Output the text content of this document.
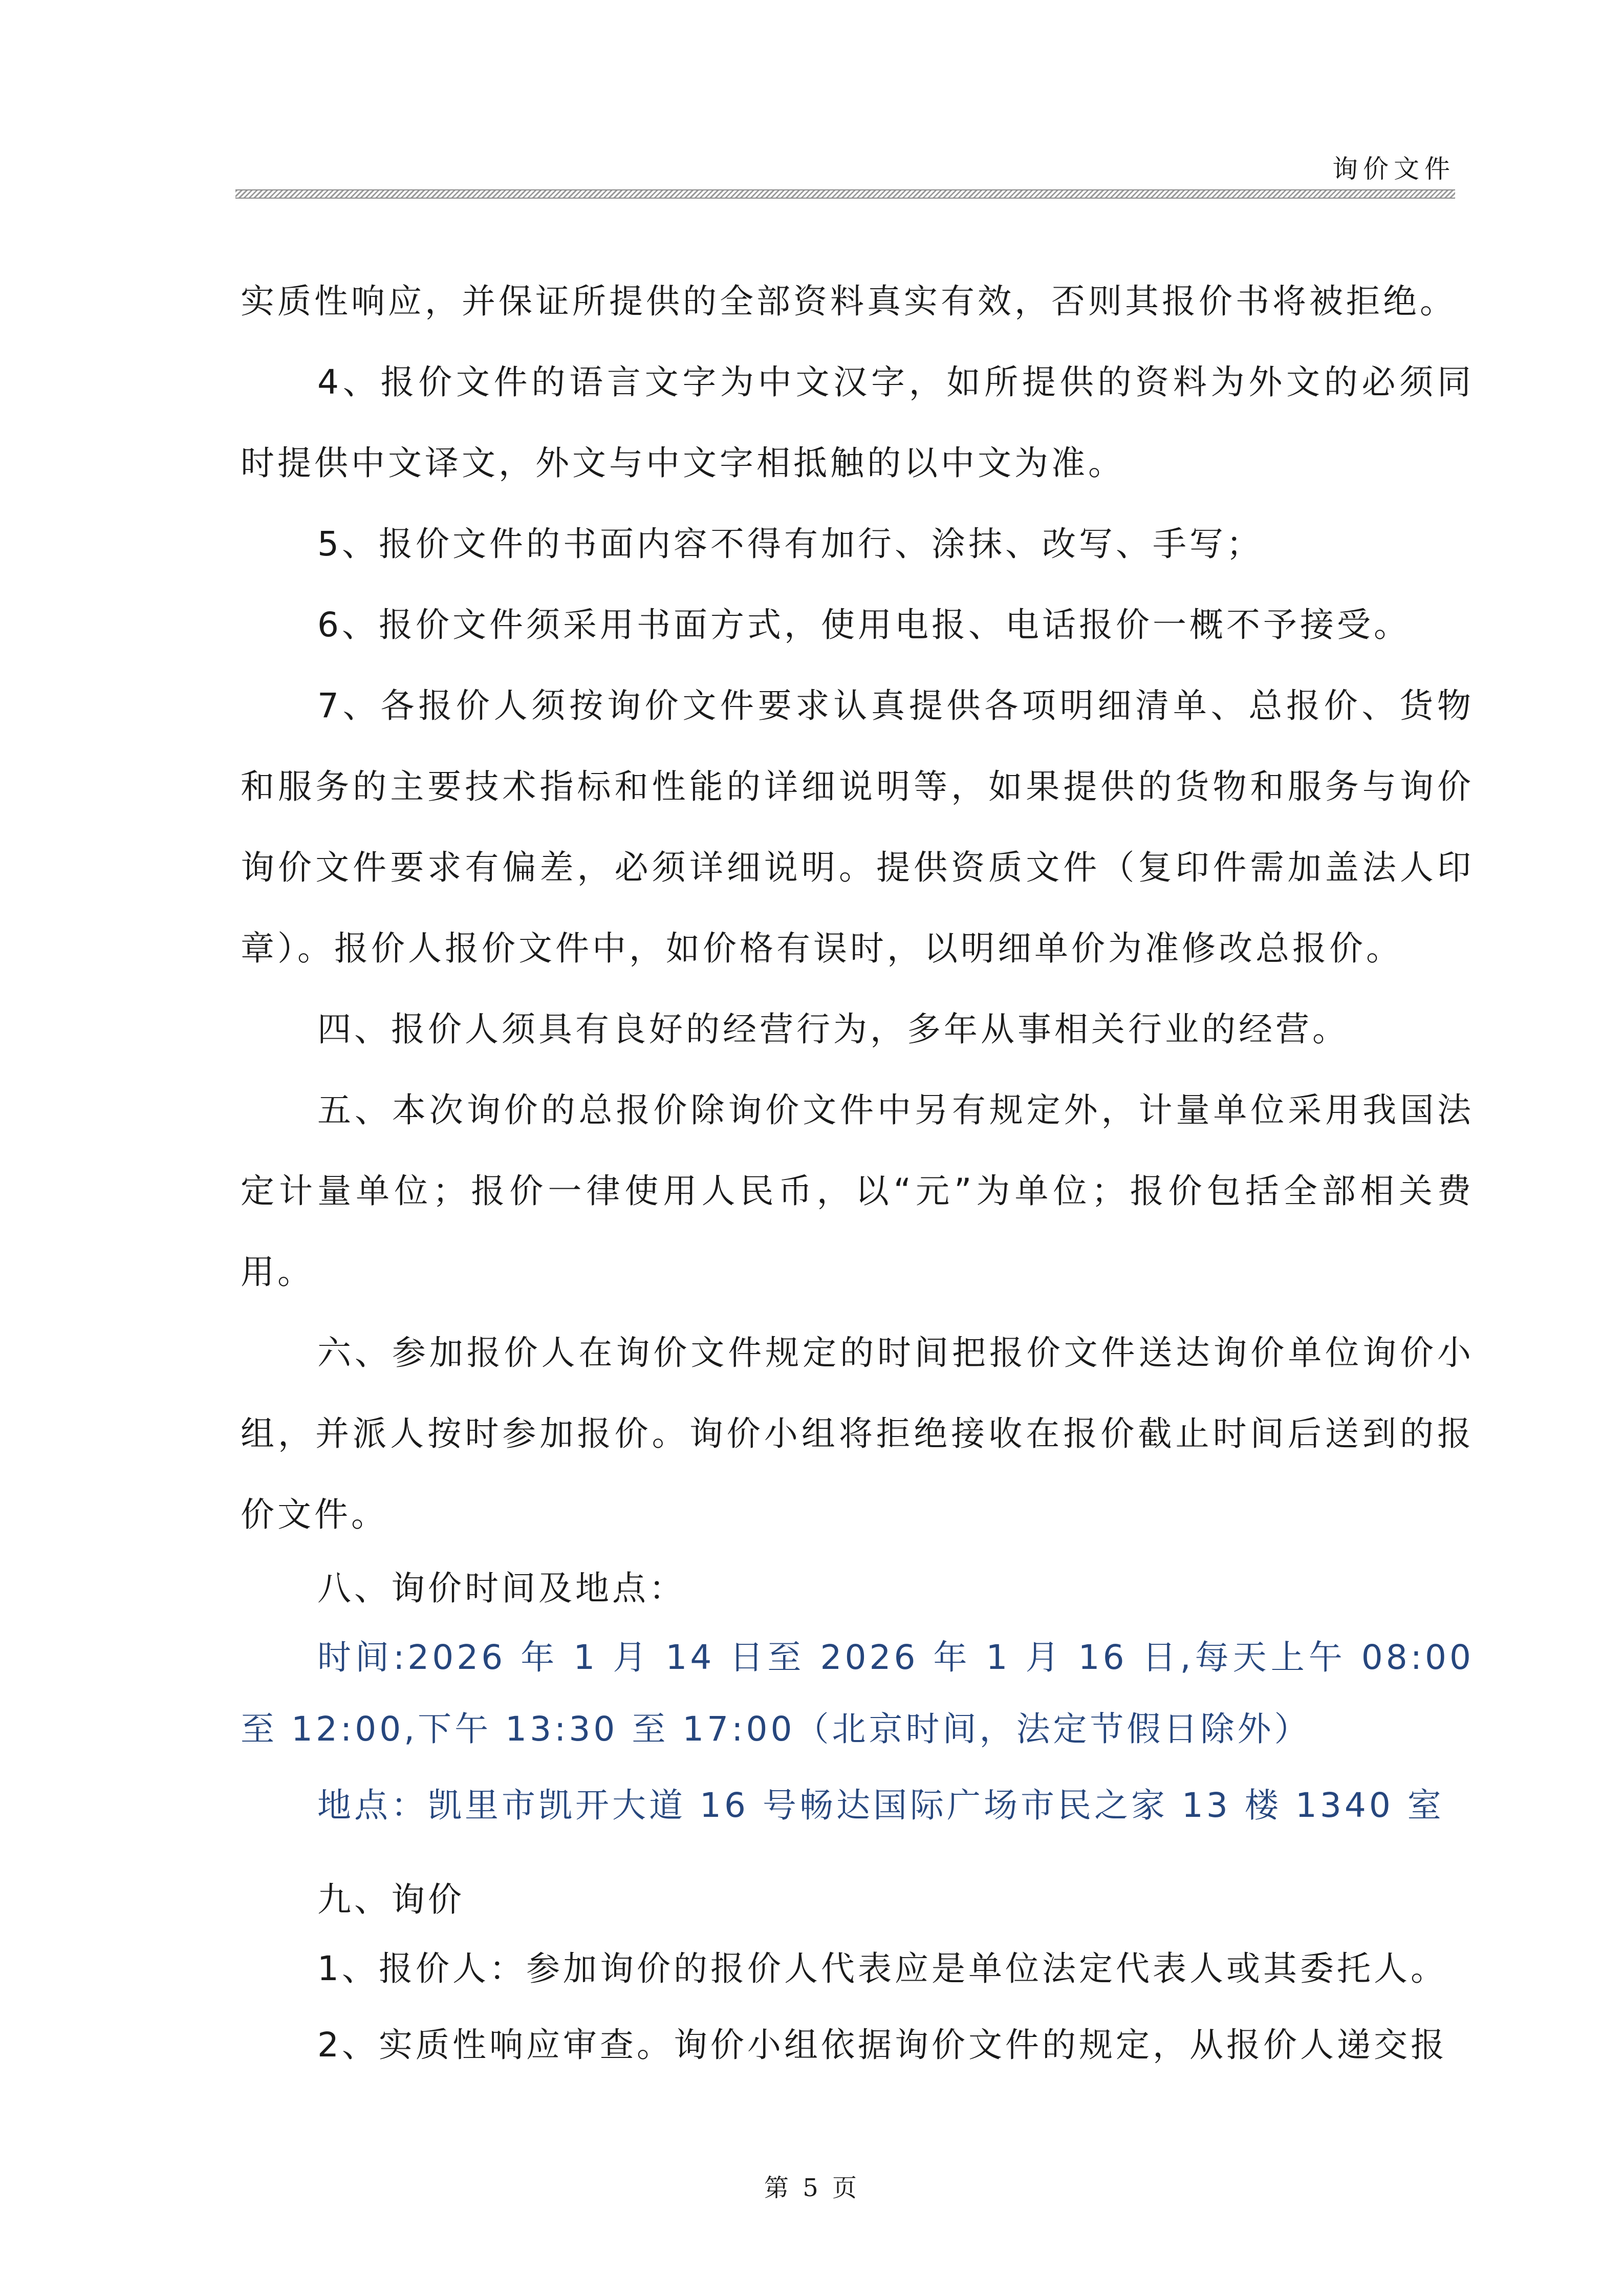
询价文件

实质性响应，并保证所提供的全部资料真实有效，否则其报价书将被拒绝。

4、报价文件的语言文字为中文汉字，如所提供的资料为外文的必须同时提供中文译文，外文与中文字相抵触的以中文为准。

5、报价文件的书面内容不得有加行、涂抹、改写、手写；

6、报价文件须采用书面方式，使用电报、电话报价一概不予接受。

7、各报价人须按询价文件要求认真提供各项明细清单、总报价、货物和服务的主要技术指标和性能的详细说明等，如果提供的货物和服务与询价询价文件要求有偏差，必须详细说明。提供资质文件（复印件需加盖法人印章）。报价人报价文件中，如价格有误时，以明细单价为准修改总报价。

四、报价人须具有良好的经营行为，多年从事相关行业的经营。

五、本次询价的总报价除询价文件中另有规定外，计量单位采用我国法定计量单位；报价一律使用人民币，以“元”为单位；报价包括全部相关费用。

六、参加报价人在询价文件规定的时间把报价文件送达询价单位询价小组，并派人按时参加报价。询价小组将拒绝接收在报价截止时间后送到的报价文件。

八、询价时间及地点：

时间:2026 年 1 月 14 日至 2026 年 1 月 16 日,每天上午 08:00 至 12:00,下午 13:30 至 17:00（北京时间，法定节假日除外）

地点：凯里市凯开大道 16 号畅达国际广场市民之家 13 楼 1340 室

九、询价

1、报价人：参加询价的报价人代表应是单位法定代表人或其委托人。

2、实质性响应审查。询价小组依据询价文件的规定，从报价人递交报

第 5 页
